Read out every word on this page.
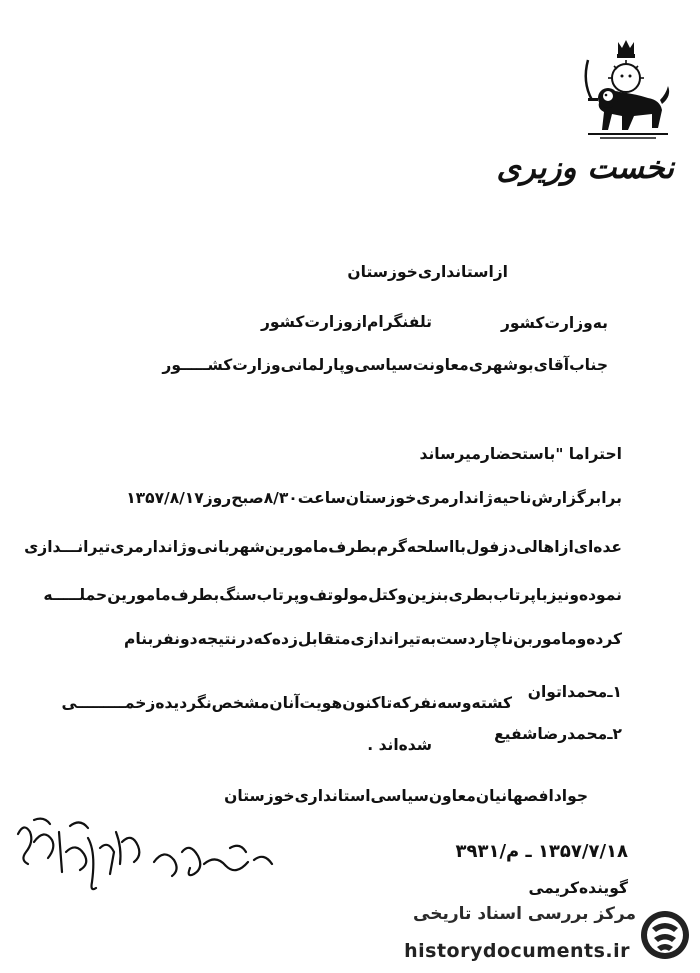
نخست وزیری
ازاستانداری‌خوزستان
تلفنگرام‌ازوزارت‌کشور	به‌وزارت‌کشور
جناب‌آقای‌بوشهری‌معاونت‌سیاسی‌وپارلمانی‌وزارت‌کشـــــور
احتراما "باستحضارمیرساند
برابرگزارش‌ناحیه‌ژاندارمری‌خوزستان‌ساعت‌۸/۳۰صبح‌روز۱۳۵۷/۸/۱۷
عده‌ای‌ازاهالی‌دزفول‌بااسلحه‌گرم‌بطرف‌مامورین‌شهربانی‌وژاندارمری‌تیرانـــدازی
نموده‌ونیزباپرتاب‌بطری‌بنزین‌وکتل‌مولوتف‌وپرتاب‌سنگ‌بطرف‌مامورین‌حملـــــه
کرده‌وماموربن‌ناچاردست‌به‌تیراندازی‌متقابل‌زده‌که‌درنتیجه‌دونفربنام
۱ـ‌محمداتوان
کشته‌وسه‌نفرکه‌تاکنون‌هویت‌آنان‌مشخص‌نگردیده‌زخمـــــــــی
۲ـ‌محمدرضاشفیع
شده‌اند .
جوادافصهانیان‌معاون‌سیاسی‌استانداری‌خوزستان
۱۳۵۷/۷/۱۸ ـ م/۳۹۳۱
گوینده‌کریمی
مرکز بررسی اسناد تاریخی
historydocuments.ir
